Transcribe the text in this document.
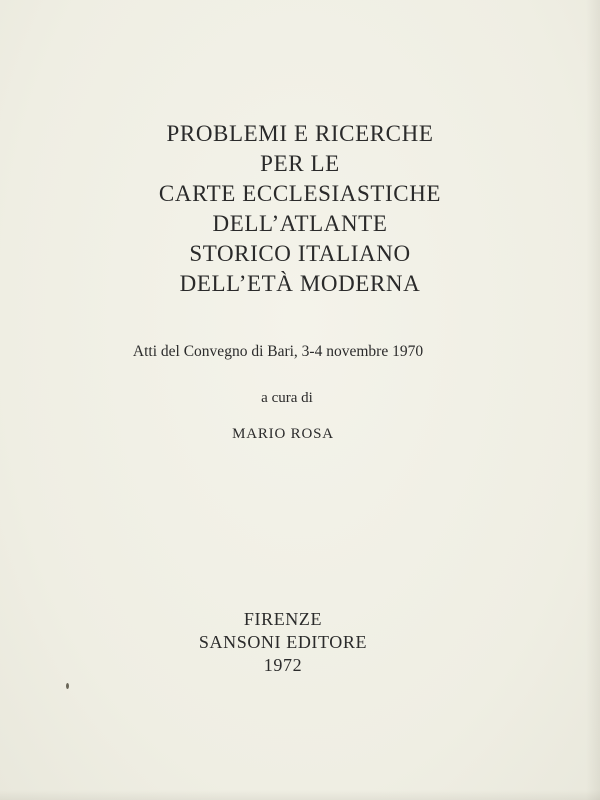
PROBLEMI E RICERCHE
PER LE
CARTE ECCLESIASTICHE
DELL’ATLANTE
STORICO ITALIANO
DELL’ETÀ MODERNA
Atti del Convegno di Bari, 3-4 novembre 1970
a cura di
MARIO ROSA
FIRENZE
SANSONI EDITORE
1972
